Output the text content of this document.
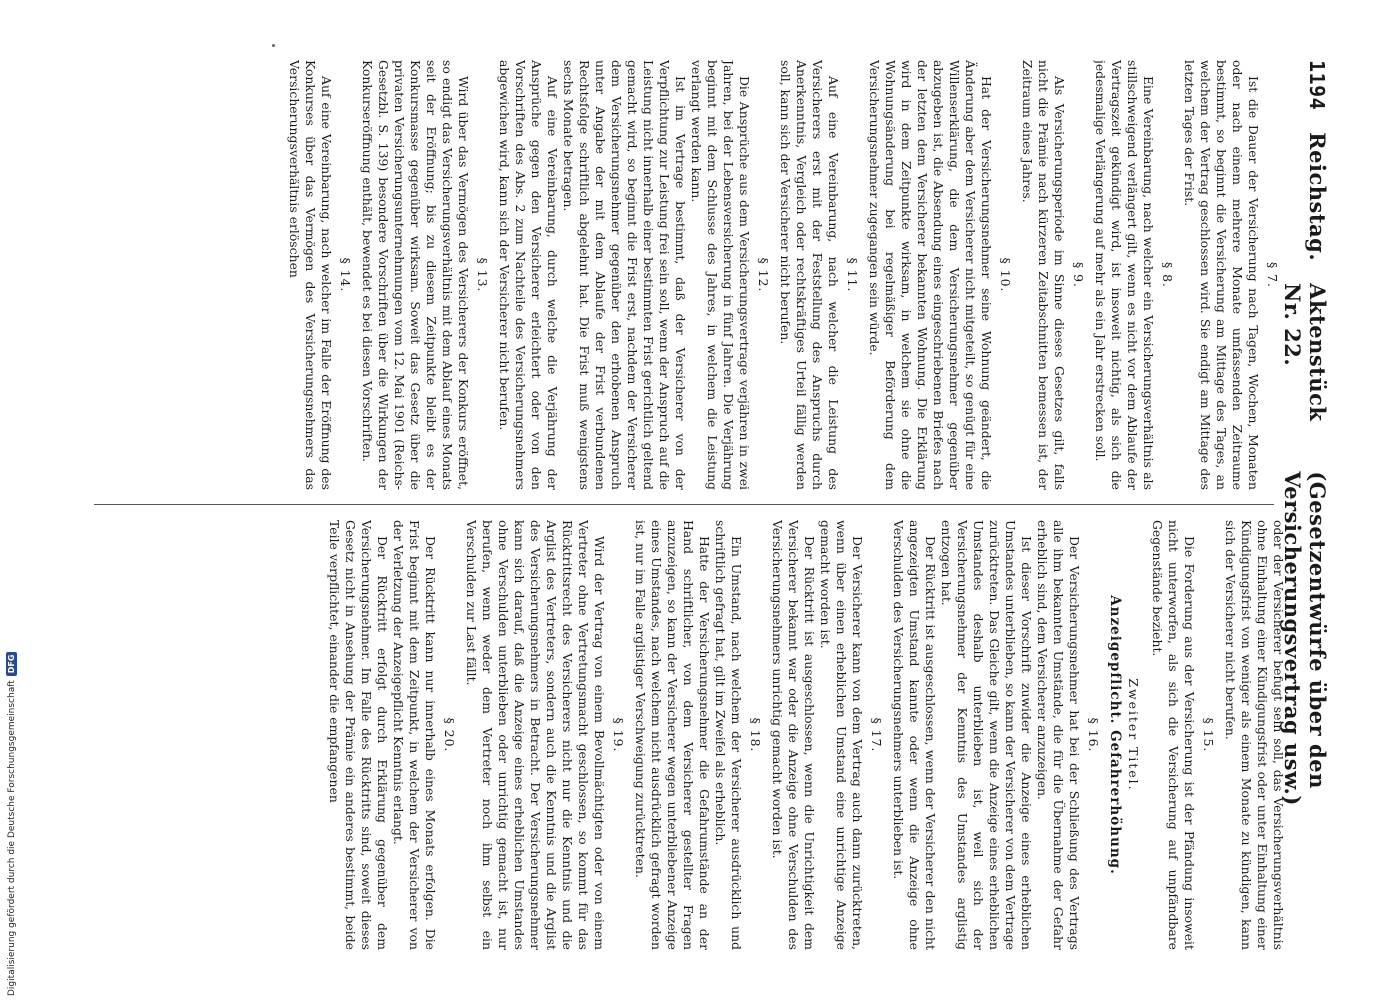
1194
Reichstag.
Aktenstück Nr. 22.
(Gesetzentwürfe über den Versicherungsvertrag usw.)
§ 7.

Ist die Dauer der Versicherung nach Tagen, Wochen, Monaten oder nach einem mehrere Monate umfassenden Zeitraume bestimmt, so beginnt die Versicherung am Mittage des Tages, an welchem der Vertrag geschlossen wird. Sie endigt am Mittage des letzten Tages der Frist.

§ 8.

Eine Vereinbarung, nach welcher ein Versicherungsverhältnis als stillschweigend verlängert gilt, wenn es nicht vor dem Ablaufe der Vertragszeit gekündigt wird, ist insoweit nichtig, als sich die jedesmalige Verlängerung auf mehr als ein Jahr erstrecken soll.

§ 9.

Als Versicherungsperiode im Sinne dieses Gesetzes gilt, falls nicht die Prämie nach kürzeren Zeitabschnitten bemessen ist, der Zeitraum eines Jahres.

§ 10.

Hat der Versicherungsnehmer seine Wohnung geändert, die Änderung aber dem Versicherer nicht mitgeteilt, so genügt für eine Willenserklärung, die dem Versicherungsnehmer gegenüber abzugeben ist, die Absendung eines eingeschriebenen Briefes nach der letzten dem Versicherer bekannten Wohnung. Die Erklärung wird in dem Zeitpunkte wirksam, in welchem sie ohne die Wohnungsänderung bei regelmäßiger Beförderung dem Versicherungsnehmer zugegangen sein würde.

§ 11.

Auf eine Vereinbarung, nach welcher die Leistung des Versicherers erst mit der Feststellung des Anspruchs durch Anerkenntnis, Vergleich oder rechtskräftiges Urteil fällig werden soll, kann sich der Versicherer nicht berufen.

§ 12.

Die Ansprüche aus dem Versicherungsvertrage verjähren in zwei Jahren, bei der Lebensversicherung in fünf Jahren. Die Verjährung beginnt mit dem Schlusse des Jahres, in welchem die Leistung verlangt werden kann.

Ist im Vertrage bestimmt, daß der Versicherer von der Verpflichtung zur Leistung frei sein soll, wenn der Anspruch auf die Leistung nicht innerhalb einer bestimmten Frist gerichtlich geltend gemacht wird, so beginnt die Frist erst, nachdem der Versicherer dem Versicherungsnehmer gegenüber den erhobenen Anspruch unter Angabe der mit dem Ablaufe der Frist verbundenen Rechtsfolge schriftlich abgelehnt hat. Die Frist muß wenigstens sechs Monate betragen.

Auf eine Vereinbarung, durch welche die Verjährung der Ansprüche gegen den Versicherer erleichtert oder von den Vorschriften des Abs. 2 zum Nachteile des Versicherungsnehmers abgewichen wird, kann sich der Versicherer nicht berufen.

§ 13.

Wird über das Vermögen des Versicherers der Konkurs eröffnet, so endigt das Versicherungsverhältnis mit dem Ablauf eines Monats seit der Eröffnung; bis zu diesem Zeitpunkte bleibt es der Konkursmasse gegenüber wirksam. Soweit das Gesetz über die privaten Versicherungsunternehmungen vom 12. Mai 1901 (Reichs-Gesetzbl. S. 139) besondere Vorschriften über die Wirkungen der Konkurseröffnung enthält, bewendet es bei diesen Vorschriften.

§ 14.

Auf eine Vereinbarung, nach welcher im Falle der Eröffnung des Konkurses über das Vermögen des Versicherungsnehmers das Versicherungsverhältnis erlöschen

oder der Versicherer befugt sein soll, das Versicherungsverhältnis ohne Einhaltung einer Kündigungsfrist oder unter Einhaltung einer Kündigungsfrist von weniger als einem Monate zu kündigen, kann sich der Versicherer nicht berufen.

§ 15.

Die Forderung aus der Versicherung ist der Pfändung insoweit nicht unterworfen, als sich die Versicherung auf unpfändbare Gegenstände bezieht.

Zweiter Titel.
Anzeigepflicht. Gefahrerhöhung.
§ 16.

Der Versicherungsnehmer hat bei der Schließung des Vertrags alle ihm bekannten Umstände, die für die Übernahme der Gefahr erheblich sind, dem Versicherer anzuzeigen.

Ist dieser Vorschrift zuwider die Anzeige eines erheblichen Umstandes unterblieben, so kann der Versicherer von dem Vertrage zurücktreten. Das Gleiche gilt, wenn die Anzeige eines erheblichen Umstandes deshalb unterblieben ist, weil sich der Versicherungsnehmer der Kenntnis des Umstandes arglistig entzogen hat.

Der Rücktritt ist ausgeschlossen, wenn der Versicherer den nicht angezeigten Umstand kannte oder wenn die Anzeige ohne Verschulden des Versicherungsnehmers unterblieben ist.

§ 17.

Der Versicherer kann von dem Vertrag auch dann zurücktreten, wenn über einen erheblichen Umstand eine unrichtige Anzeige gemacht worden ist.

Der Rücktritt ist ausgeschlossen, wenn die Unrichtigkeit dem Versicherer bekannt war oder die Anzeige ohne Verschulden des Versicherungsnehmers unrichtig gemacht worden ist.

§ 18.

Ein Umstand, nach welchem der Versicherer ausdrücklich und schriftlich gefragt hat, gilt im Zweifel als erheblich.

Hatte der Versicherungsnehmer die Gefahrumstände an der Hand schriftlicher, von dem Versicherer gestellter Fragen anzuzeigen, so kann der Versicherer wegen unterbliebener Anzeige eines Umstandes, nach welchem nicht ausdrücklich gefragt worden ist, nur im Falle arglistiger Verschweigung zurücktreten.

§ 19.

Wird der Vertrag von einem Bevollmächtigten oder von einem Vertreter ohne Vertretungsmacht geschlossen, so kommt für das Rücktrittsrecht des Versicherers nicht nur die Kenntnis und die Arglist des Vertreters, sondern auch die Kenntnis und die Arglist des Versicherungsnehmers in Betracht. Der Versicherungsnehmer kann sich darauf, daß die Anzeige eines erheblichen Umstandes ohne Verschulden unterblieben oder unrichtig gemacht ist, nur berufen, wenn weder dem Vertreter noch ihm selbst ein Verschulden zur Last fällt.

§ 20.

Der Rücktritt kann nur innerhalb eines Monats erfolgen. Die Frist beginnt mit dem Zeitpunkt, in welchem der Versicherer von der Verletzung der Anzeigepflicht Kenntnis erlangt.

Der Rücktritt erfolgt durch Erklärung gegenüber dem Versicherungsnehmer. Im Falle des Rücktritts sind, soweit dieses Gesetz nicht in Ansehung der Prämie ein anderes bestimmt, beide Teile verpflichtet, einander die empfangenen

Digitalisierung gefördert durch die Deutsche Forschungsgemeinschaft
DFG
